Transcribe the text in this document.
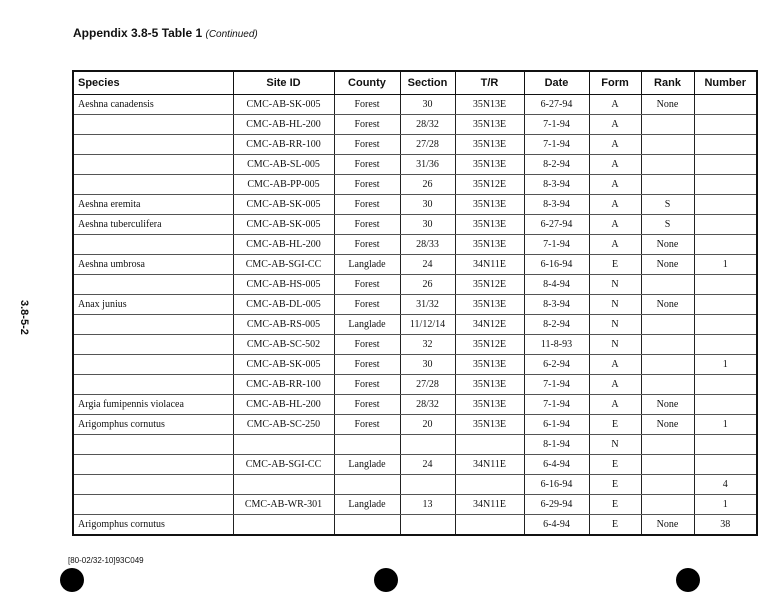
Appendix 3.8-5 Table 1 (Continued)
3.8-5-2
Species	Site ID	County	Section	T/R	Date	Form	Rank	Number
Aeshna canadensis	CMC-AB-SK-005	Forest	30	35N13E	6-27-94	A	None	
	CMC-AB-HL-200	Forest	28/32	35N13E	7-1-94	A		
	CMC-AB-RR-100	Forest	27/28	35N13E	7-1-94	A		
	CMC-AB-SL-005	Forest	31/36	35N13E	8-2-94	A		
	CMC-AB-PP-005	Forest	26	35N12E	8-3-94	A		
Aeshna eremita	CMC-AB-SK-005	Forest	30	35N13E	8-3-94	A	S	
Aeshna tuberculifera	CMC-AB-SK-005	Forest	30	35N13E	6-27-94	A	S	
	CMC-AB-HL-200	Forest	28/33	35N13E	7-1-94	A	None	
Aeshna umbrosa	CMC-AB-SGI-CC	Langlade	24	34N11E	6-16-94	E	None	1
	CMC-AB-HS-005	Forest	26	35N12E	8-4-94	N		
Anax junius	CMC-AB-DL-005	Forest	31/32	35N13E	8-3-94	N	None	
	CMC-AB-RS-005	Langlade	11/12/14	34N12E	8-2-94	N		
	CMC-AB-SC-502	Forest	32	35N12E	11-8-93	N		
	CMC-AB-SK-005	Forest	30	35N13E	6-2-94	A		1
	CMC-AB-RR-100	Forest	27/28	35N13E	7-1-94	A		
Argia fumipennis violacea	CMC-AB-HL-200	Forest	28/32	35N13E	7-1-94	A	None	
Arigomphus cornutus	CMC-AB-SC-250	Forest	20	35N13E	6-1-94	E	None	1
					8-1-94	N		
	CMC-AB-SGI-CC	Langlade	24	34N11E	6-4-94	E		
					6-16-94	E		4
	CMC-AB-WR-301	Langlade	13	34N11E	6-29-94	E		1
Arigomphus cornutus					6-4-94	E	None	38
[80-02/32-10]93C049
